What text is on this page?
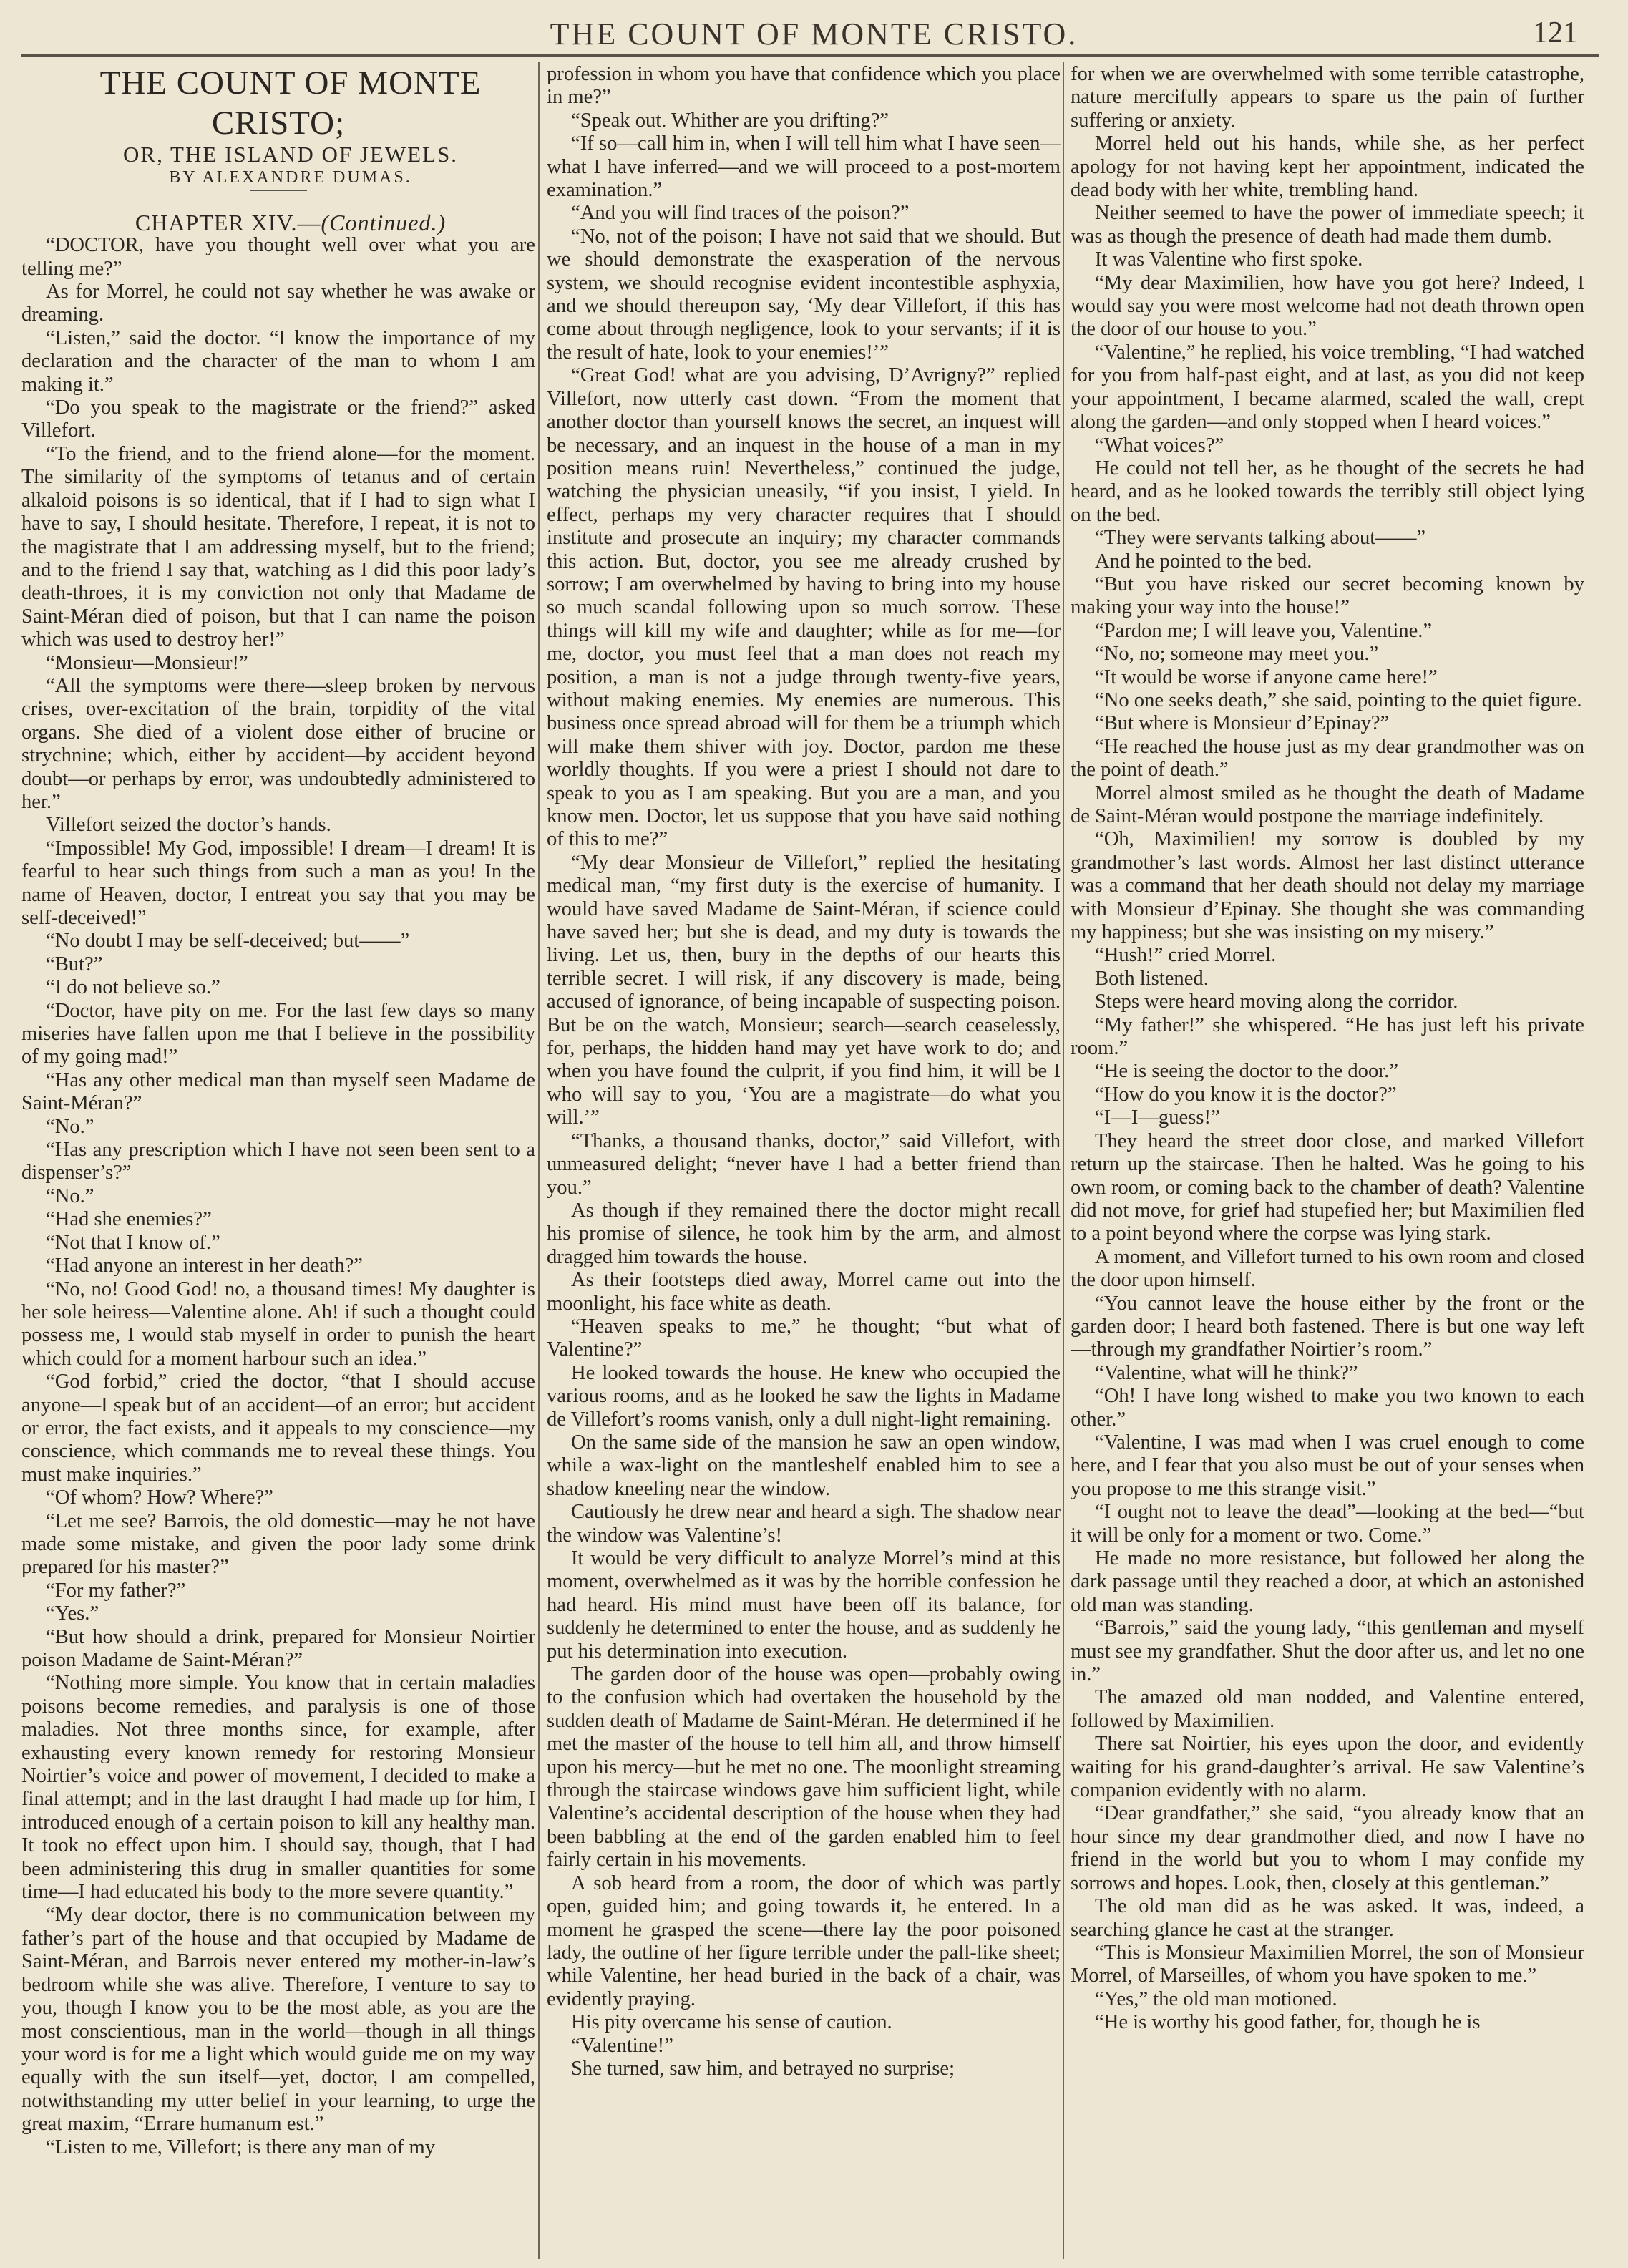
THE COUNT OF MONTE CRISTO.	121

THE COUNT OF MONTE CRISTO;

OR, THE ISLAND OF JEWELS.

BY ALEXANDRE DUMAS.

CHAPTER XIV.—(Continued.)

“DOCTOR, have you thought well over what you are telling me?”

As for Morrel, he could not say whether he was awake or dreaming.

“Listen,” said the doctor. “I know the importance of my declaration and the character of the man to whom I am making it.”

“Do you speak to the magistrate or the friend?” asked Villefort.

“To the friend, and to the friend alone—for the moment. The similarity of the symptoms of tetanus and of certain alkaloid poisons is so identical, that if I had to sign what I have to say, I should hesitate. Therefore, I repeat, it is not to the magistrate that I am addressing myself, but to the friend; and to the friend I say that, watching as I did this poor lady’s death-throes, it is my conviction not only that Madame de Saint-Méran died of poison, but that I can name the poison which was used to destroy her!”

“Monsieur—Monsieur!”

“All the symptoms were there—sleep broken by nervous crises, over-excitation of the brain, torpidity of the vital organs. She died of a violent dose either of brucine or strychnine; which, either by accident—by accident beyond doubt—or perhaps by error, was undoubtedly administered to her.”

Villefort seized the doctor’s hands.

“Impossible! My God, impossible! I dream—I dream! It is fearful to hear such things from such a man as you! In the name of Heaven, doctor, I entreat you say that you may be self-deceived!”

“No doubt I may be self-deceived; but——”

“But?”

“I do not believe so.”

“Doctor, have pity on me. For the last few days so many miseries have fallen upon me that I believe in the possibility of my going mad!”

“Has any other medical man than myself seen Madame de Saint-Méran?”

“No.”

“Has any prescription which I have not seen been sent to a dispenser’s?”

“No.”

“Had she enemies?”

“Not that I know of.”

“Had anyone an interest in her death?”

“No, no! Good God! no, a thousand times! My daughter is her sole heiress—Valentine alone. Ah! if such a thought could possess me, I would stab myself in order to punish the heart which could for a moment harbour such an idea.”

“God forbid,” cried the doctor, “that I should accuse anyone—I speak but of an accident—of an error; but accident or error, the fact exists, and it appeals to my conscience—my conscience, which commands me to reveal these things. You must make inquiries.”

“Of whom? How? Where?”

“Let me see? Barrois, the old domestic—may he not have made some mistake, and given the poor lady some drink prepared for his master?”

“For my father?”

“Yes.”

“But how should a drink, prepared for Monsieur Noirtier poison Madame de Saint-Méran?”

“Nothing more simple. You know that in certain maladies poisons become remedies, and paralysis is one of those maladies. Not three months since, for example, after exhausting every known remedy for restoring Monsieur Noirtier’s voice and power of movement, I decided to make a final attempt; and in the last draught I had made up for him, I introduced enough of a certain poison to kill any healthy man. It took no effect upon him. I should say, though, that I had been administering this drug in smaller quantities for some time—I had educated his body to the more severe quantity.”

“My dear doctor, there is no communication between my father’s part of the house and that occupied by Madame de Saint-Méran, and Barrois never entered my mother-in-law’s bedroom while she was alive. Therefore, I venture to say to you, though I know you to be the most able, as you are the most conscientious, man in the world—though in all things your word is for me a light which would guide me on my way equally with the sun itself—yet, doctor, I am compelled, notwithstanding my utter belief in your learning, to urge the great maxim, “Errare humanum est.”

“Listen to me, Villefort; is there any man of my

profession in whom you have that confidence which you place in me?”

“Speak out. Whither are you drifting?”

“If so—call him in, when I will tell him what I have seen—what I have inferred—and we will proceed to a post-mortem examination.”

“And you will find traces of the poison?”

“No, not of the poison; I have not said that we should. But we should demonstrate the exasperation of the nervous system, we should recognise evident incontestible asphyxia, and we should thereupon say, ‘My dear Villefort, if this has come about through negligence, look to your servants; if it is the result of hate, look to your enemies!’”

“Great God! what are you advising, D’Avrigny?” replied Villefort, now utterly cast down. “From the moment that another doctor than yourself knows the secret, an inquest will be necessary, and an inquest in the house of a man in my position means ruin! Nevertheless,” continued the judge, watching the physician uneasily, “if you insist, I yield. In effect, perhaps my very character requires that I should institute and prosecute an inquiry; my character commands this action. But, doctor, you see me already crushed by sorrow; I am overwhelmed by having to bring into my house so much scandal following upon so much sorrow. These things will kill my wife and daughter; while as for me—for me, doctor, you must feel that a man does not reach my position, a man is not a judge through twenty-five years, without making enemies. My enemies are numerous. This business once spread abroad will for them be a triumph which will make them shiver with joy. Doctor, pardon me these worldly thoughts. If you were a priest I should not dare to speak to you as I am speaking. But you are a man, and you know men. Doctor, let us suppose that you have said nothing of this to me?”

“My dear Monsieur de Villefort,” replied the hesitating medical man, “my first duty is the exercise of humanity. I would have saved Madame de Saint-Méran, if science could have saved her; but she is dead, and my duty is towards the living. Let us, then, bury in the depths of our hearts this terrible secret. I will risk, if any discovery is made, being accused of ignorance, of being incapable of suspecting poison. But be on the watch, Monsieur; search—search ceaselessly, for, perhaps, the hidden hand may yet have work to do; and when you have found the culprit, if you find him, it will be I who will say to you, ‘You are a magistrate—do what you will.’”

“Thanks, a thousand thanks, doctor,” said Villefort, with unmeasured delight; “never have I had a better friend than you.”

As though if they remained there the doctor might recall his promise of silence, he took him by the arm, and almost dragged him towards the house.

As their footsteps died away, Morrel came out into the moonlight, his face white as death.

“Heaven speaks to me,” he thought; “but what of Valentine?”

He looked towards the house. He knew who occupied the various rooms, and as he looked he saw the lights in Madame de Villefort’s rooms vanish, only a dull night-light remaining.

On the same side of the mansion he saw an open window, while a wax-light on the mantleshelf enabled him to see a shadow kneeling near the window.

Cautiously he drew near and heard a sigh. The shadow near the window was Valentine’s!

It would be very difficult to analyze Morrel’s mind at this moment, overwhelmed as it was by the horrible confession he had heard. His mind must have been off its balance, for suddenly he determined to enter the house, and as suddenly he put his determination into execution.

The garden door of the house was open—probably owing to the confusion which had overtaken the household by the sudden death of Madame de Saint-Méran. He determined if he met the master of the house to tell him all, and throw himself upon his mercy—but he met no one. The moonlight streaming through the staircase windows gave him sufficient light, while Valentine’s accidental description of the house when they had been babbling at the end of the garden enabled him to feel fairly certain in his movements.

A sob heard from a room, the door of which was partly open, guided him; and going towards it, he entered. In a moment he grasped the scene—there lay the poor poisoned lady, the outline of her figure terrible under the pall-like sheet; while Valentine, her head buried in the back of a chair, was evidently praying.

His pity overcame his sense of caution.

“Valentine!”

She turned, saw him, and betrayed no surprise;

for when we are overwhelmed with some terrible catastrophe, nature mercifully appears to spare us the pain of further suffering or anxiety.

Morrel held out his hands, while she, as her perfect apology for not having kept her appointment, indicated the dead body with her white, trembling hand.

Neither seemed to have the power of immediate speech; it was as though the presence of death had made them dumb.

It was Valentine who first spoke.

“My dear Maximilien, how have you got here? Indeed, I would say you were most welcome had not death thrown open the door of our house to you.”

“Valentine,” he replied, his voice trembling, “I had watched for you from half-past eight, and at last, as you did not keep your appointment, I became alarmed, scaled the wall, crept along the garden—and only stopped when I heard voices.”

“What voices?”

He could not tell her, as he thought of the secrets he had heard, and as he looked towards the terribly still object lying on the bed.

“They were servants talking about——”

And he pointed to the bed.

“But you have risked our secret becoming known by making your way into the house!”

“Pardon me; I will leave you, Valentine.”

“No, no; someone may meet you.”

“It would be worse if anyone came here!”

“No one seeks death,” she said, pointing to the quiet figure.

“But where is Monsieur d’Epinay?”

“He reached the house just as my dear grandmother was on the point of death.”

Morrel almost smiled as he thought the death of Madame de Saint-Méran would postpone the marriage indefinitely.

“Oh, Maximilien! my sorrow is doubled by my grandmother’s last words. Almost her last distinct utterance was a command that her death should not delay my marriage with Monsieur d’Epinay. She thought she was commanding my happiness; but she was insisting on my misery.”

“Hush!” cried Morrel.

Both listened.

Steps were heard moving along the corridor.

“My father!” she whispered. “He has just left his private room.”

“He is seeing the doctor to the door.”

“How do you know it is the doctor?”

“I—I—guess!”

They heard the street door close, and marked Villefort return up the staircase. Then he halted. Was he going to his own room, or coming back to the chamber of death? Valentine did not move, for grief had stupefied her; but Maximilien fled to a point beyond where the corpse was lying stark.

A moment, and Villefort turned to his own room and closed the door upon himself.

“You cannot leave the house either by the front or the garden door; I heard both fastened. There is but one way left—through my grandfather Noirtier’s room.”

“Valentine, what will he think?”

“Oh! I have long wished to make you two known to each other.”

“Valentine, I was mad when I was cruel enough to come here, and I fear that you also must be out of your senses when you propose to me this strange visit.”

“I ought not to leave the dead”—looking at the bed—“but it will be only for a moment or two. Come.”

He made no more resistance, but followed her along the dark passage until they reached a door, at which an astonished old man was standing.

“Barrois,” said the young lady, “this gentleman and myself must see my grandfather. Shut the door after us, and let no one in.”

The amazed old man nodded, and Valentine entered, followed by Maximilien.

There sat Noirtier, his eyes upon the door, and evidently waiting for his grand-daughter’s arrival. He saw Valentine’s companion evidently with no alarm.

“Dear grandfather,” she said, “you already know that an hour since my dear grandmother died, and now I have no friend in the world but you to whom I may confide my sorrows and hopes. Look, then, closely at this gentleman.”

The old man did as he was asked. It was, indeed, a searching glance he cast at the stranger.

“This is Monsieur Maximilien Morrel, the son of Monsieur Morrel, of Marseilles, of whom you have spoken to me.”

“Yes,” the old man motioned.

“He is worthy his good father, for, though he is
